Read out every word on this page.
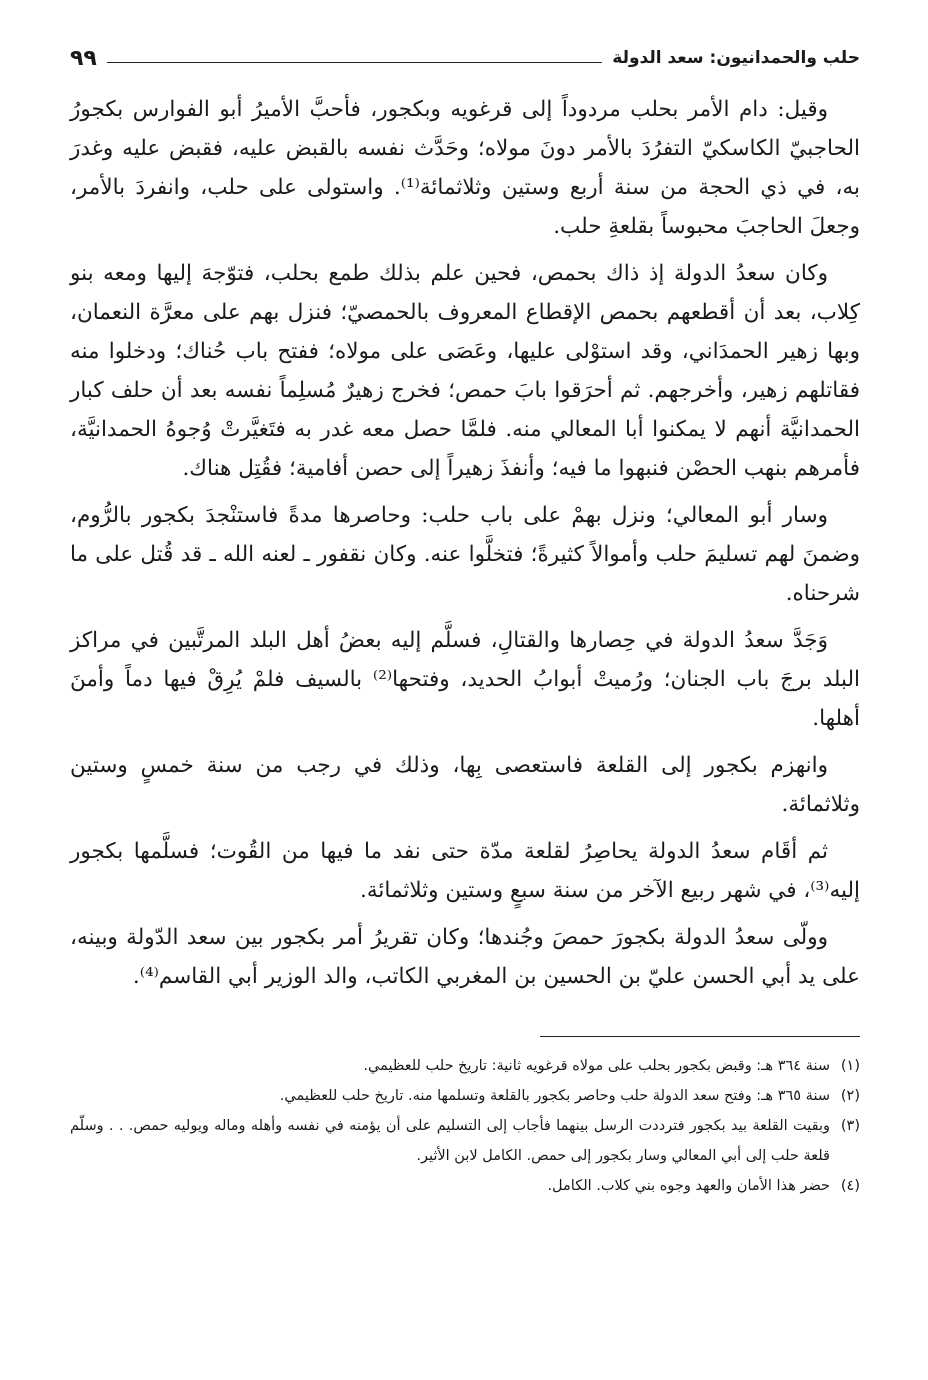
حلب والحمدانيون: سعد الدولة
٩٩

وقيل: دام الأمر بحلب مردوداً إلى قرغويه وبكجور، فأحبَّ الأميرُ أبو الفوارس بكجورُ الحاجبيّ الكاسكيّ التفرُدَ بالأمر دونَ مولاه؛ وحَدَّث نفسه بالقبض عليه، فقبض عليه وغدرَ به، في ذي الحجة من سنة أربع وستين وثلاثمائة⁽¹⁾. واستولى على حلب، وانفردَ بالأمر، وجعلَ الحاجبَ محبوساً بقلعةِ حلب.

وكان سعدُ الدولة إذ ذاك بحمص، فحين علم بذلك طمع بحلب، فتوّجهَ إليها ومعه بنو كِلاب، بعد أن أقطعهم بحمص الإقطاع المعروف بالحمصيّ؛ فنزل بهم على معرَّة النعمان، وبها زهير الحمدَاني، وقد استوْلى عليها، وعَصَى على مولاه؛ ففتح باب حُناك؛ ودخلوا منه فقاتلهم زهير، وأخرجهم. ثم أحرَقوا بابَ حمص؛ فخرج زهيرٌ مُسلِماً نفسه بعد أن حلف كبار الحمدانيَّة أنهم لا يمكنوا أبا المعالي منه. فلمَّا حصل معه غدر به فتَغيَّرتْ وُجوهُ الحمدانيَّة، فأمرهم بنهب الحصْن فنبهوا ما فيه؛ وأنفذَ زهيراً إلى حصن أفامية؛ فقُتِل هناك.

وسار أبو المعالي؛ ونزل بهمْ على باب حلب: وحاصرها مدةً فاستنْجدَ بكجور بالرُّوم، وضمنَ لهم تسليمَ حلب وأموالاً كثيرةً؛ فتخلَّوا عنه. وكان نقفور ـ لعنه الله ـ قد قُتل على ما شرحناه.

وَجَدَّ سعدُ الدولة في حِصارها والقتالِ، فسلَّم إليه بعضُ أهل البلد المرتَّبين في مراكز البلد برجَ باب الجنان؛ ورُميتْ أبوابُ الحديد، وفتحها⁽²⁾ بالسيف فلمْ يُرِقْ فيها دماً وأمنَ أهلها.

وانهزم بكجور إلى القلعة فاستعصى بِها، وذلك في رجب من سنة خمسٍ وستين وثلاثمائة.

ثم أقَام سعدُ الدولة يحاصِرُ لقلعة مدّة حتى نفد ما فيها من القُوت؛ فسلَّمها بكجور إليه⁽³⁾، في شهر ربيع الآخر من سنة سبعٍ وستين وثلاثمائة.

وولّى سعدُ الدولة بكجورَ حمصَ وجُندها؛ وكان تقريرُ أمر بكجور بين سعد الدّولة وبينه، على يد أبي الحسن عليّ بن الحسين بن المغربي الكاتب، والد الوزير أبي القاسم⁽⁴⁾.

(١)
سنة ٣٦٤ هـ: وقبض بكجور بحلب على مولاه قرغويه ثانية: تاريخ حلب للعظيمي.
(٢)
سنة ٣٦٥ هـ: وفتح سعد الدولة حلب وحاصر بكجور بالقلعة وتسلمها منه. تاريخ حلب للعظيمي.
(٣)
وبقيت القلعة بيد بكجور فترددت الرسل بينهما فأجاب إلى التسليم على أن يؤمنه في نفسه وأهله وماله ويوليه حمص. . . وسلّم قلعة حلب إلى أبي المعالي وسار بكجور إلى حمص. الكامل لابن الأثير.
(٤)
حضر هذا الأمان والعهد وجوه بني كلاب. الكامل.
